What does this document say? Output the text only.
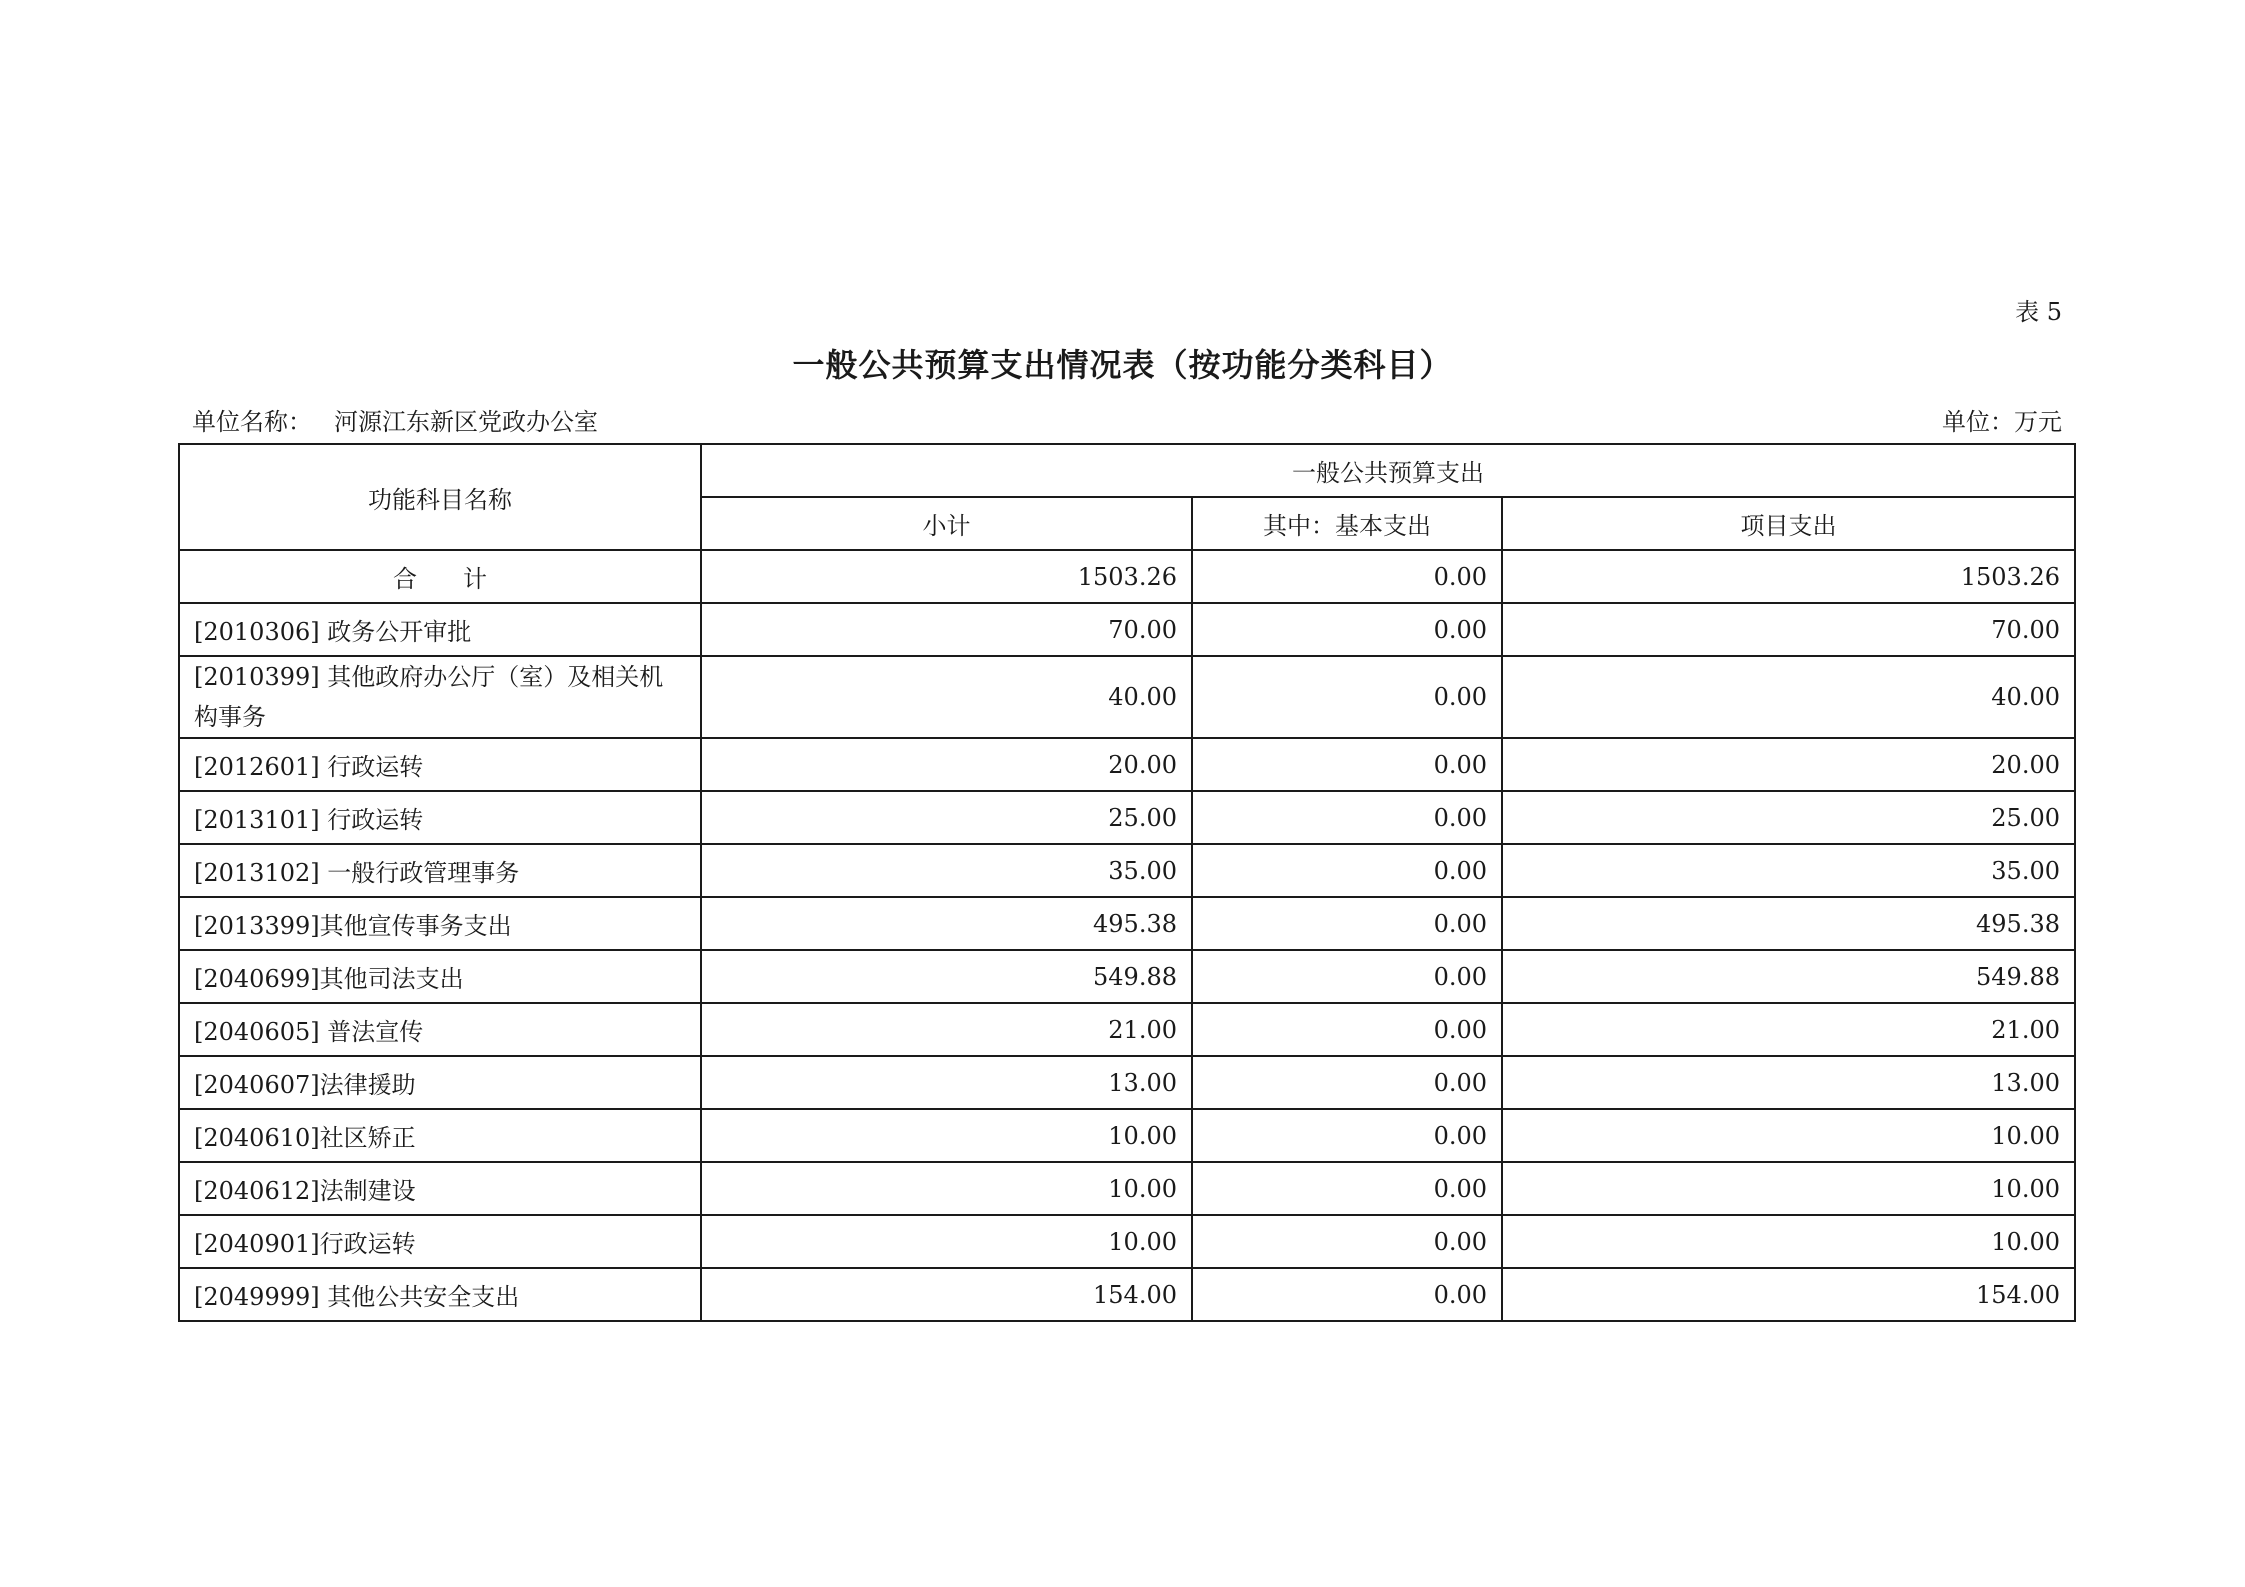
表 5
一般公共预算支出情况表（按功能分类科目）
单位名称： 河源江东新区党政办公室	单位：万元
功能科目名称	一般公共预算支出		
	小计	其中：基本支出	项目支出
合计	1503.26	0.00	1503.26
[2010306] 政务公开审批	70.00	0.00	70.00
[2010399] 其他政府办公厅（室）及相关机构事务	40.00	0.00	40.00
[2012601] 行政运转	20.00	0.00	20.00
[2013101] 行政运转	25.00	0.00	25.00
[2013102] 一般行政管理事务	35.00	0.00	35.00
[2013399]其他宣传事务支出	495.38	0.00	495.38
[2040699]其他司法支出	549.88	0.00	549.88
[2040605] 普法宣传	21.00	0.00	21.00
[2040607]法律援助	13.00	0.00	13.00
[2040610]社区矫正	10.00	0.00	10.00
[2040612]法制建设	10.00	0.00	10.00
[2040901]行政运转	10.00	0.00	10.00
[2049999] 其他公共安全支出	154.00	0.00	154.00
